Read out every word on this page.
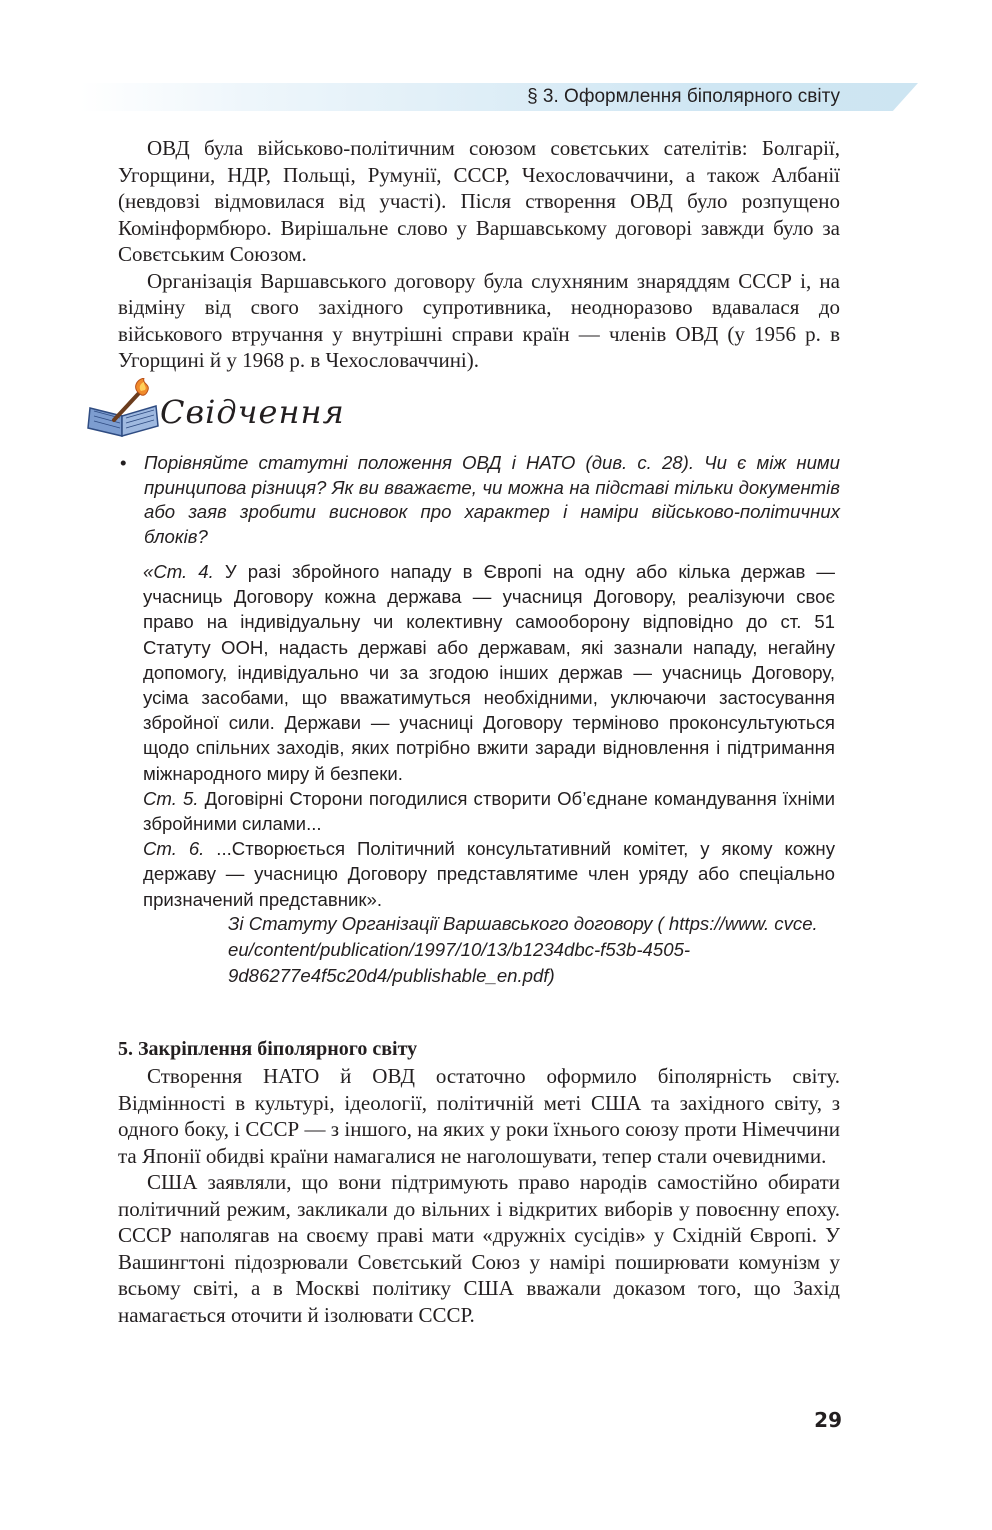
§ 3. Оформлення біполярного світу

ОВД була військово-політичним союзом совєтських сателітів: Болгарії, Угорщини, НДР, Польщі, Румунії, СССР, Чехословаччини, а також Албанії (невдовзі відмовилася від участі). Після створення ОВД було розпущено Комінформбюро. Вирішальне слово у Варшавському договорі завжди було за Совєтським Союзом.

Організація Варшавського договору була слухняним знаряддям СССР і, на відміну від свого західного супротивника, неодноразово вдавалася до військового втручання у внутрішні справи країн — членів ОВД (у 1956 р. в Угорщині й у 1968 р. в Чехословаччині).

Свідчення
• Порівняйте статутні положення ОВД і НАТО (див. с. 28). Чи є між ними принципова різниця? Як ви вважаєте, чи можна на підставі тільки документів або заяв зробити висновок про характер і наміри військово-політичних блоків?
«Ст. 4. У разі збройного нападу в Європі на одну або кілька держав — учасниць Договору кожна держава — учасниця Договору, реалізуючи своє право на індивідуальну чи колективну самооборону відповідно до ст. 51 Статуту ООН, надасть державі або державам, які зазнали нападу, негайну допомогу, індивідуально чи за згодою інших держав — учасниць Договору, усіма засобами, що вважатимуться необхідними, уключаючи застосування збройної сили. Держави — учасниці Договору терміново проконсультуються щодо спільних заходів, яких потрібно вжити заради відновлення і підтримання міжнародного миру й безпеки.
Ст. 5. Договірні Сторони погодилися створити Об’єднане командування їхніми збройними силами...
Ст. 6. ...Створюється Політичний консультативний комітет, у якому кожну державу — учасницю Договору представлятиме член уряду або спеціально призначений представник».
Зі Статуту Організації Варшавського договору ( https://www. cvce. eu/content/publication/1997/10/13/b1234dbc-f53b-4505-9d86277e4f5c20d4/publishable_en.pdf)
5. Закріплення біполярного світу

Створення НАТО й ОВД остаточно оформило біполярність світу. Відмінності в культурі, ідеології, політичній меті США та західного світу, з одного боку, і СССР — з іншого, на яких у роки їхнього союзу проти Німеччини та Японії обидві країни намагалися не наголошувати, тепер стали очевидними.

США заявляли, що вони підтримують право народів самостійно обирати політичний режим, закликали до вільних і відкритих виборів у повоєнну епоху. СССР наполягав на своєму праві мати «дружніх сусідів» у Східній Європі. У Вашингтоні підозрювали Совєтський Союз у намірі поширювати комунізм у всьому світі, а в Москві політику США вважали доказом того, що Захід намагається оточити й ізолювати СССР.

29
